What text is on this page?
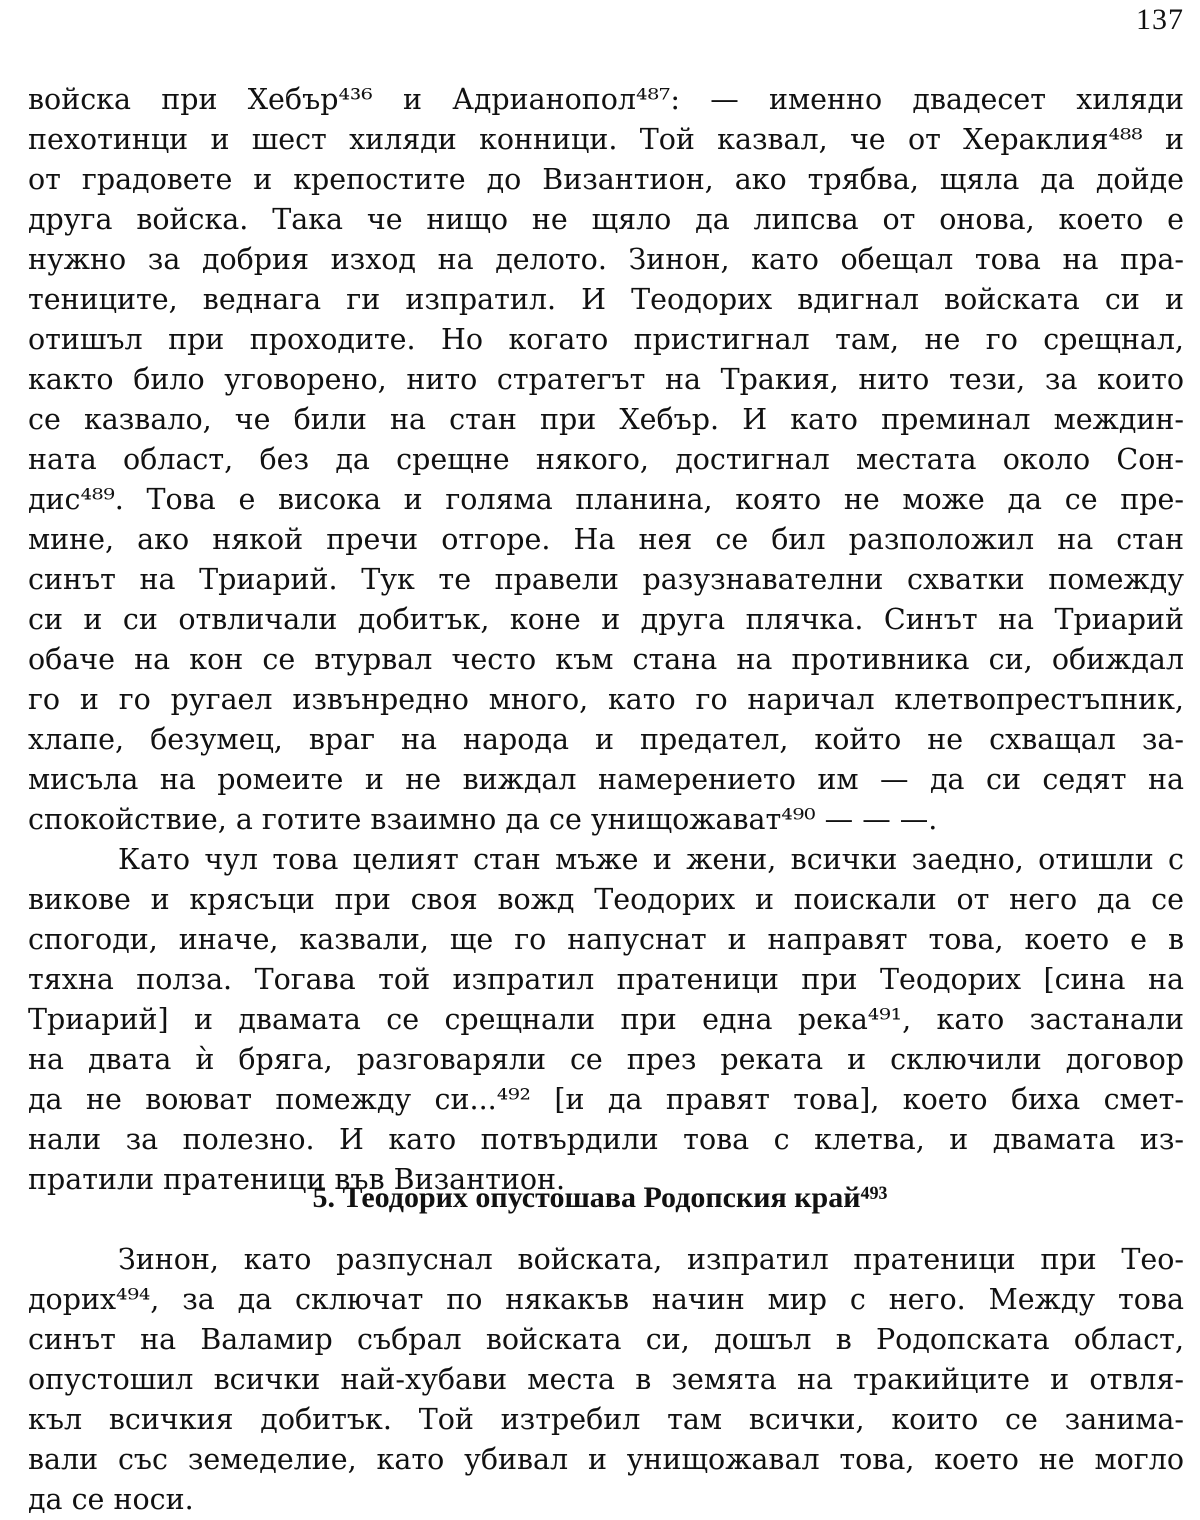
137
войска при Хебър⁴³⁶ и Адрианопол⁴⁸⁷: — именно двадесет хиляди
пехотинци и шест хиляди конници. Той казвал, че от Хераклия⁴⁸⁸ и
от градовете и крепостите до Византион, ако трябва, щяла да дойде
друга войска. Така че нищо не щяло да липсва от онова, което е
нужно за добрия изход на делото. Зинон, като обещал това на пра-
тениците, веднага ги изпратил. И Теодорих вдигнал войската си и
отишъл при проходите. Но когато пристигнал там, не го срещнал,
както било уговорено, нито стратегът на Тракия, нито тези, за които
се казвало, че били на стан при Хебър. И като преминал междин-
ната област, без да срещне някого, достигнал местата около Сон-
дис⁴⁸⁹. Това е висока и голяма планина, която не може да се пре-
мине, ако някой пречи отгоре. На нея се бил разположил на стан
синът на Триарий. Тук те правели разузнавателни схватки помежду
си и си отвличали добитък, коне и друга плячка. Синът на Триарий
обаче на кон се втурвал често към стана на противника си, обиждал
го и го ругаел извънредно много, като го наричал клетвопрестъпник,
хлапе, безумец, враг на народа и предател, който не схващал за-
мисъла на ромеите и не виждал намерението им — да си седят на
спокойствие, а готите взаимно да се унищожават⁴⁹⁰ — — —.
Като чул това целият стан мъже и жени, всички заедно, отишли с
викове и крясъци при своя вожд Теодорих и поискали от него да се
спогоди, иначе, казвали, ще го напуснат и направят това, което е в
тяхна полза. Тогава той изпратил пратеници при Теодорих [сина на
Триарий] и двамата се срещнали при една река⁴⁹¹, като застанали
на двата ѝ бряга, разговаряли се през реката и сключили договор
да не воюват помежду си...⁴⁹² [и да правят това], което биха смет-
нали за полезно. И като потвърдили това с клетва, и двамата из-
пратили пратеници във Византион.
5. Теодорих опустошава Родопския край⁴⁹³
Зинон, като разпуснал войската, изпратил пратеници при Тео-
дорих⁴⁹⁴, за да сключат по някакъв начин мир с него. Между това
синът на Валамир събрал войската си, дошъл в Родопската област,
опустошил всички най-хубави места в земята на тракийците и отвля-
къл всичкия добитък. Той изтребил там всички, които се занима-
вали със земеделие, като убивал и унищожавал това, което не могло
да се носи.
